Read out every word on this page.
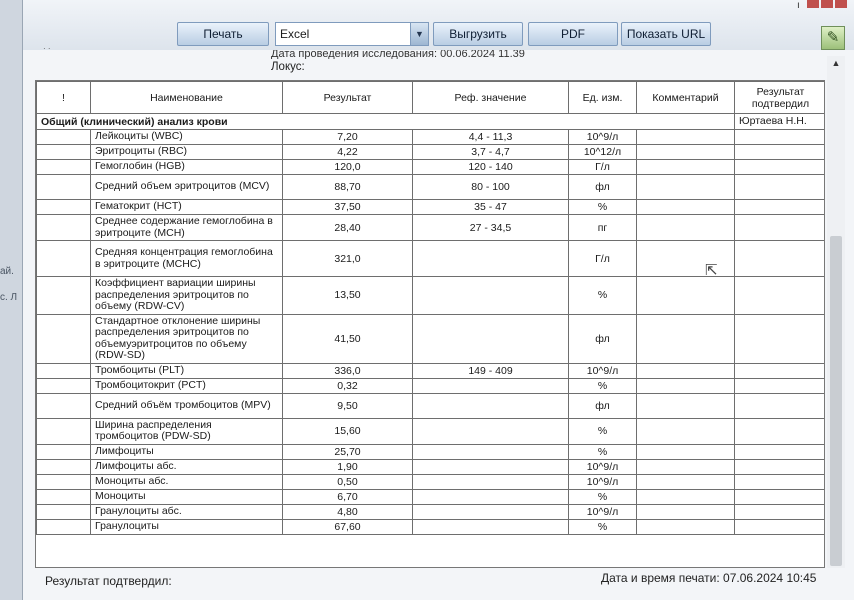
ай.
с. Л
ı
Печать	Excel	▼	Выгрузить	PDF	Показать URL	✎
· ·	Дата проведения исследования: 00.06.2024 11.39
Локус:
!	Наименование	Результат	Реф. значение	Ед. изм.	Комментарий	Результат подтвердил
Общий (клинический) анализ крови						Юртаева Н.Н.
	Лейкоциты (WBC)	7,20	4,4 - 11,3	10^9/л		
	Эритроциты (RBC)	4,22	3,7 - 4,7	10^12/л		
	Гемоглобин (HGB)	120,0	120 - 140	Г/л		
	Средний объем эритроцитов (MCV)	88,70	80 - 100	фл		
	Гематокрит (HCT)	37,50	35 - 47	%		
	Среднее содержание гемоглобина в эритроците (MCH)	28,40	27 - 34,5	пг		
	Средняя концентрация гемоглобина в эритроците (MCHC)	321,0		Г/л		
	Коэффициент вариации ширины распределения эритроцитов по объему (RDW-CV)	13,50		%		
	Стандартное отклонение ширины распределения эритроцитов по объемуэритроцитов по объему (RDW-SD)	41,50		фл		
	Тромбоциты (PLT)	336,0	149 - 409	10^9/л		
	Тромбоцитокрит (PCT)	0,32		%		
	Средний объём тромбоцитов (MPV)	9,50		фл		
	Ширина распределения тромбоцитов (PDW-SD)	15,60		%		
	Лимфоциты	25,70		%		
	Лимфоциты абс.	1,90		10^9/л		
	Моноциты абс.	0,50		10^9/л		
	Моноциты	6,70		%		
	Гранулоциты абс.	4,80		10^9/л		
	Гранулоциты	67,60		%		
▲
⇱
Результат подтвердил:	Дата и время печати: 07.06.2024 10:45
